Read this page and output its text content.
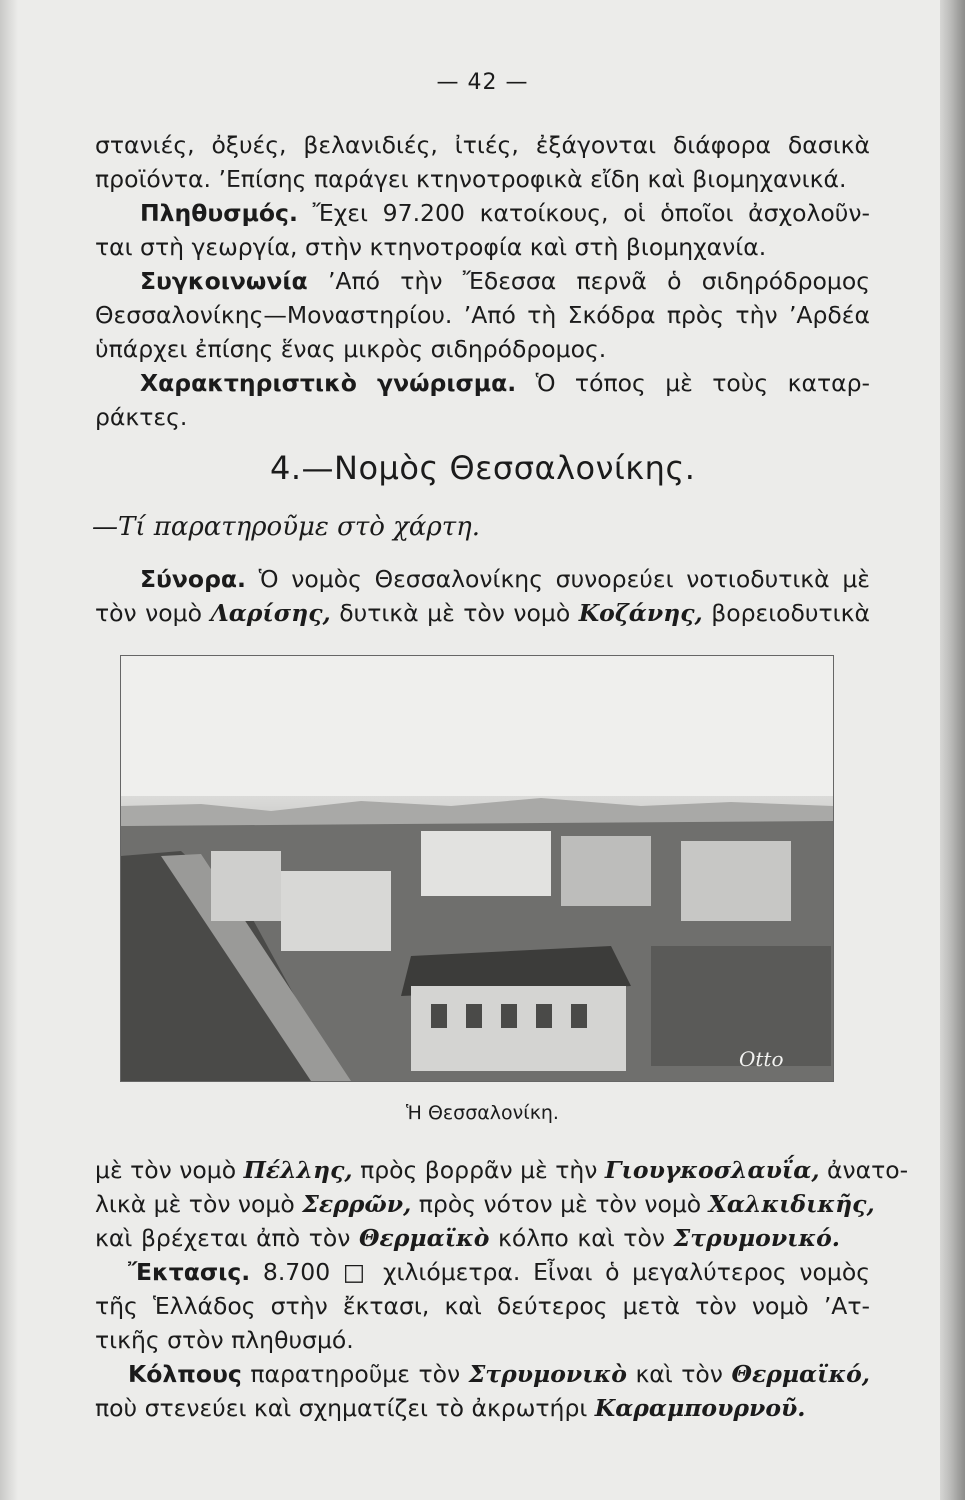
— 42 —
στανιές, ὀξυές, βελανιδιές, ἰτιές, ἐξάγονται διάφορα δασικὰ
προϊόντα. ’Επίσης παράγει κτηνοτροφικὰ εἴδη καὶ βιομηχανικά.
Πληθυσμός. Ἔχει 97.200 κατοίκους, οἱ ὁποῖοι ἀσχολοῦν-
ται στὴ γεωργία, στὴν κτηνοτροφία καὶ στὴ βιομηχανία.
Συγκοινωνία ’Από τὴν Ἔδεσσα περνᾶ ὁ σιδηρόδρομος
Θεσσαλονίκης—Μοναστηρίου. ’Από τὴ Σκόδρα πρὸς τὴν ’Αρδέα
ὑπάρχει ἐπίσης ἕνας μικρὸς σιδηρόδρομος.
Χαρακτηριστικὸ γνώρισμα. Ὁ τόπος μὲ τοὺς καταρ-
ράκτες.
4.—Νομὸς Θεσσαλονίκης.
—Τί παρατηροῦμε στὸ χάρτη.
Σύνορα. Ὁ νομὸς Θεσσαλονίκης συνορεύει νοτιοδυτικὰ μὲ
τὸν νομὸ Λαρίσης, δυτικὰ μὲ τὸν νομὸ Κοζάνης, βορειοδυτικὰ
Otto
Ἡ Θεσσαλονίκη.
μὲ τὸν νομὸ Πέλλης, πρὸς βορρᾶν μὲ τὴν Γιουγκοσλαυΐα, ἀνατο-
λικὰ μὲ τὸν νομὸ Σερρῶν, πρὸς νότον μὲ τὸν νομὸ Χαλκιδικῆς,
καὶ βρέχεται ἀπὸ τὸν Θερμαϊκὸ κόλπο καὶ τὸν Στρυμονικό.
Ἔκτασις. 8.700 □ χιλιόμετρα. Εἶναι ὁ μεγαλύτερος νομὸς
τῆς Ἑλλάδος στὴν ἔκτασι, καὶ δεύτερος μετὰ τὸν νομὸ ’Ατ-
τικῆς στὸν πληθυσμό.
Κόλπους παρατηροῦμε τὸν Στρυμονικὸ καὶ τὸν Θερμαϊκό,
ποὺ στενεύει καὶ σχηματίζει τὸ ἀκρωτήρι Καραμπουρνοῦ.
